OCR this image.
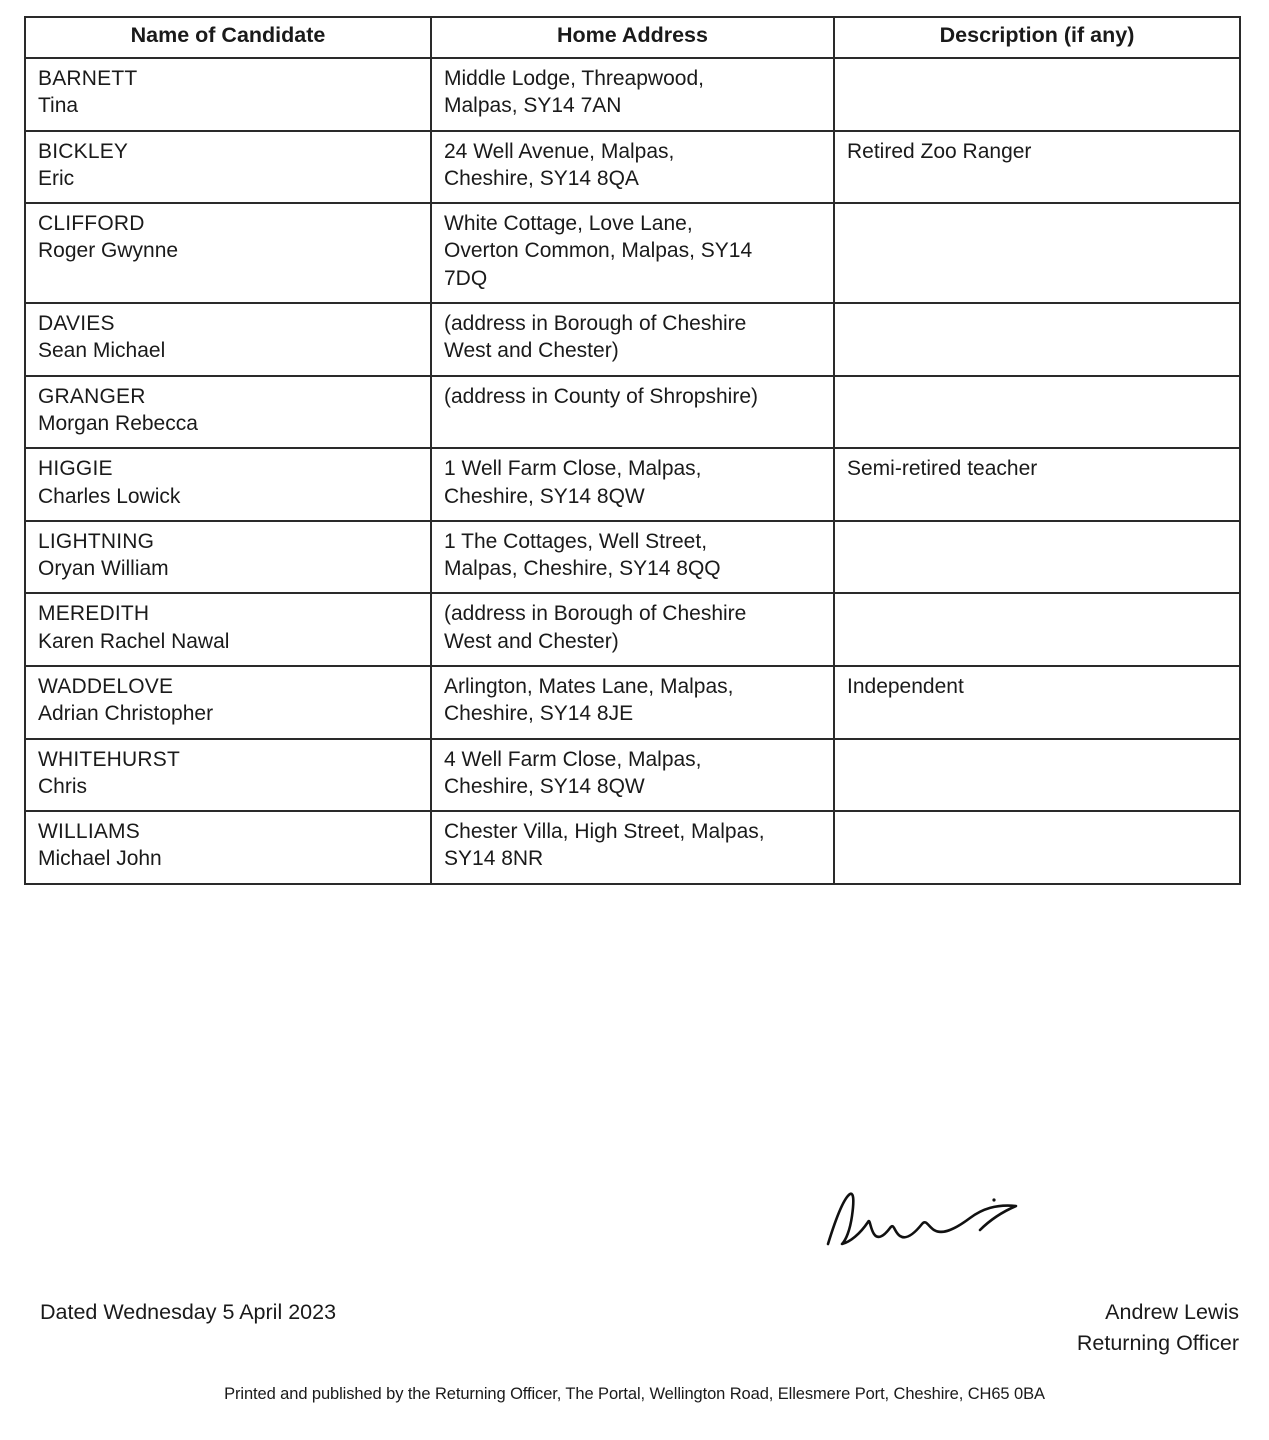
Name of Candidate	Home Address	Description (if any)

BARNETT
Tina	Middle Lodge, Threapwood,
Malpas, SY14 7AN	

BICKLEY
Eric	24 Well Avenue, Malpas,
Cheshire, SY14 8QA	Retired Zoo Ranger

CLIFFORD
Roger Gwynne	White Cottage, Love Lane,
Overton Common, Malpas, SY14
7DQ	

DAVIES
Sean Michael	(address in Borough of Cheshire
West and Chester)	

GRANGER
Morgan Rebecca	(address in County of Shropshire)	

HIGGIE
Charles Lowick	1 Well Farm Close, Malpas,
Cheshire, SY14 8QW	Semi-retired teacher

LIGHTNING
Oryan William	1 The Cottages, Well Street,
Malpas, Cheshire, SY14 8QQ	

MEREDITH
Karen Rachel Nawal	(address in Borough of Cheshire
West and Chester)	

WADDELOVE
Adrian Christopher	Arlington, Mates Lane, Malpas,
Cheshire, SY14 8JE	Independent

WHITEHURST
Chris	4 Well Farm Close, Malpas,
Cheshire, SY14 8QW	

WILLIAMS
Michael John	Chester Villa, High Street, Malpas,
SY14 8NR	

Dated Wednesday 5 April 2023	Andrew Lewis
Returning Officer
Printed and published by the Returning Officer, The Portal, Wellington Road, Ellesmere Port, Cheshire, CH65 0BA
